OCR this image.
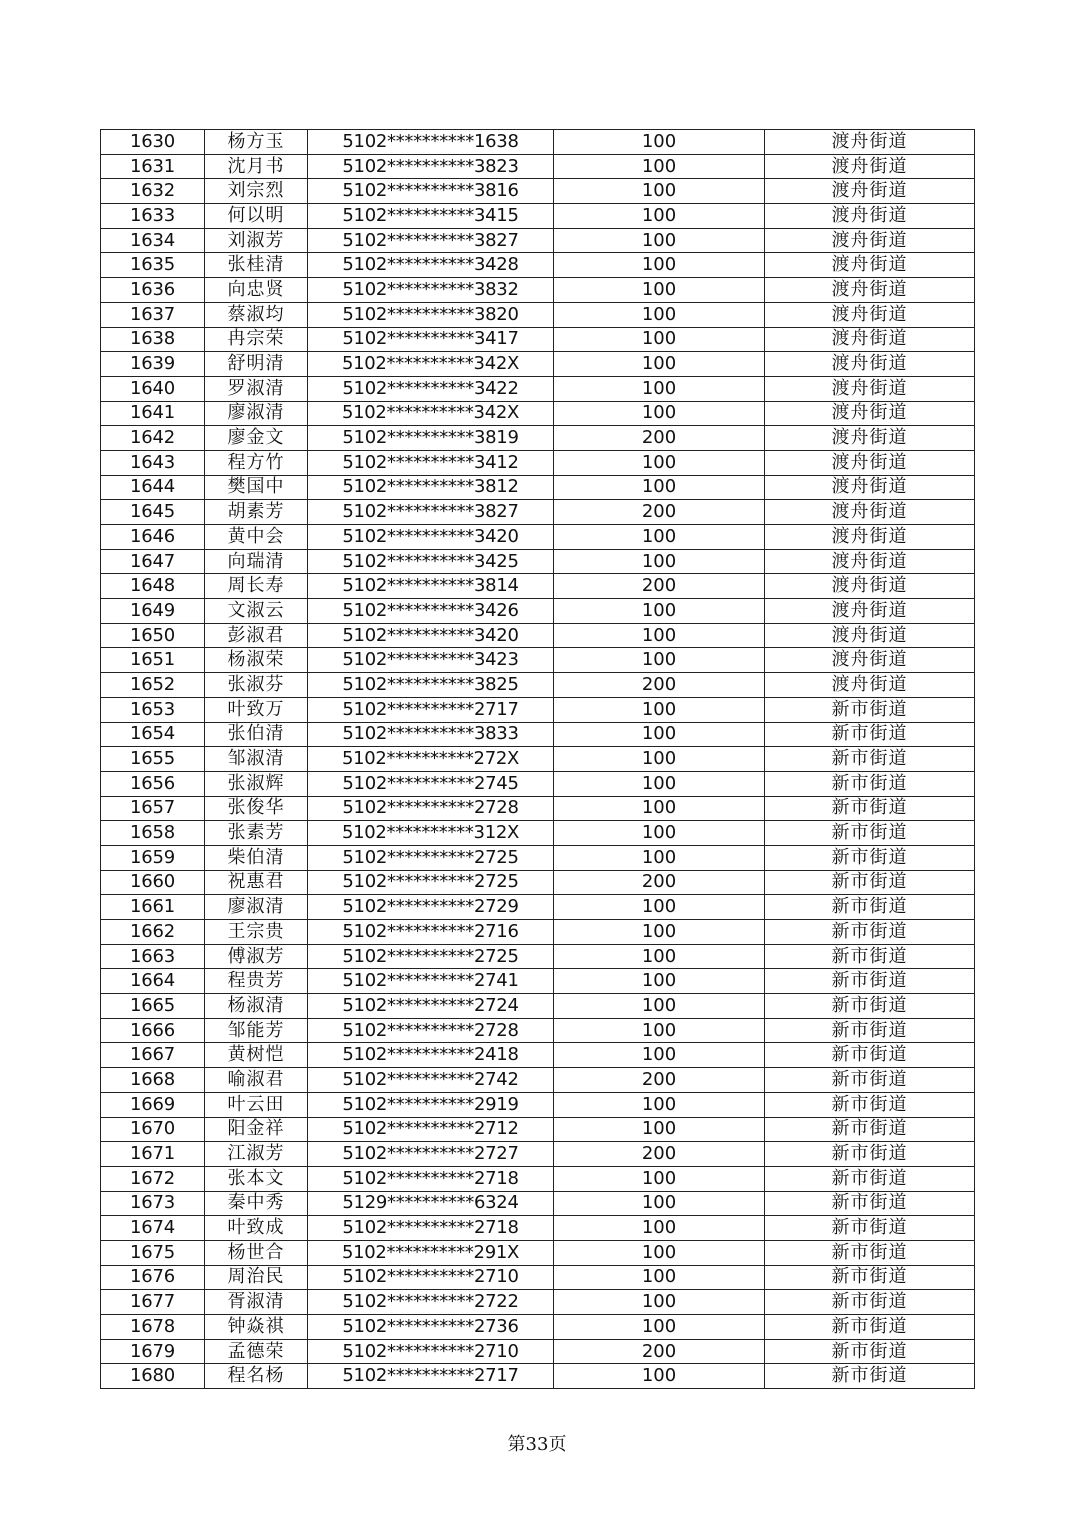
1630	杨方玉	5102**********1638	100	渡舟街道
1631	沈月书	5102**********3823	100	渡舟街道
1632	刘宗烈	5102**********3816	100	渡舟街道
1633	何以明	5102**********3415	100	渡舟街道
1634	刘淑芳	5102**********3827	100	渡舟街道
1635	张桂清	5102**********3428	100	渡舟街道
1636	向忠贤	5102**********3832	100	渡舟街道
1637	蔡淑均	5102**********3820	100	渡舟街道
1638	冉宗荣	5102**********3417	100	渡舟街道
1639	舒明清	5102**********342X	100	渡舟街道
1640	罗淑清	5102**********3422	100	渡舟街道
1641	廖淑清	5102**********342X	100	渡舟街道
1642	廖金文	5102**********3819	200	渡舟街道
1643	程方竹	5102**********3412	100	渡舟街道
1644	樊国中	5102**********3812	100	渡舟街道
1645	胡素芳	5102**********3827	200	渡舟街道
1646	黄中会	5102**********3420	100	渡舟街道
1647	向瑞清	5102**********3425	100	渡舟街道
1648	周长寿	5102**********3814	200	渡舟街道
1649	文淑云	5102**********3426	100	渡舟街道
1650	彭淑君	5102**********3420	100	渡舟街道
1651	杨淑荣	5102**********3423	100	渡舟街道
1652	张淑芬	5102**********3825	200	渡舟街道
1653	叶致万	5102**********2717	100	新市街道
1654	张伯清	5102**********3833	100	新市街道
1655	邹淑清	5102**********272X	100	新市街道
1656	张淑辉	5102**********2745	100	新市街道
1657	张俊华	5102**********2728	100	新市街道
1658	张素芳	5102**********312X	100	新市街道
1659	柴伯清	5102**********2725	100	新市街道
1660	祝惠君	5102**********2725	200	新市街道
1661	廖淑清	5102**********2729	100	新市街道
1662	王宗贵	5102**********2716	100	新市街道
1663	傅淑芳	5102**********2725	100	新市街道
1664	程贵芳	5102**********2741	100	新市街道
1665	杨淑清	5102**********2724	100	新市街道
1666	邹能芳	5102**********2728	100	新市街道
1667	黄树恺	5102**********2418	100	新市街道
1668	喻淑君	5102**********2742	200	新市街道
1669	叶云田	5102**********2919	100	新市街道
1670	阳金祥	5102**********2712	100	新市街道
1671	江淑芳	5102**********2727	200	新市街道
1672	张本文	5102**********2718	100	新市街道
1673	秦中秀	5129**********6324	100	新市街道
1674	叶致成	5102**********2718	100	新市街道
1675	杨世合	5102**********291X	100	新市街道
1676	周治民	5102**********2710	100	新市街道
1677	胥淑清	5102**********2722	100	新市街道
1678	钟焱祺	5102**********2736	100	新市街道
1679	孟德荣	5102**********2710	200	新市街道
1680	程名杨	5102**********2717	100	新市街道
第33页
